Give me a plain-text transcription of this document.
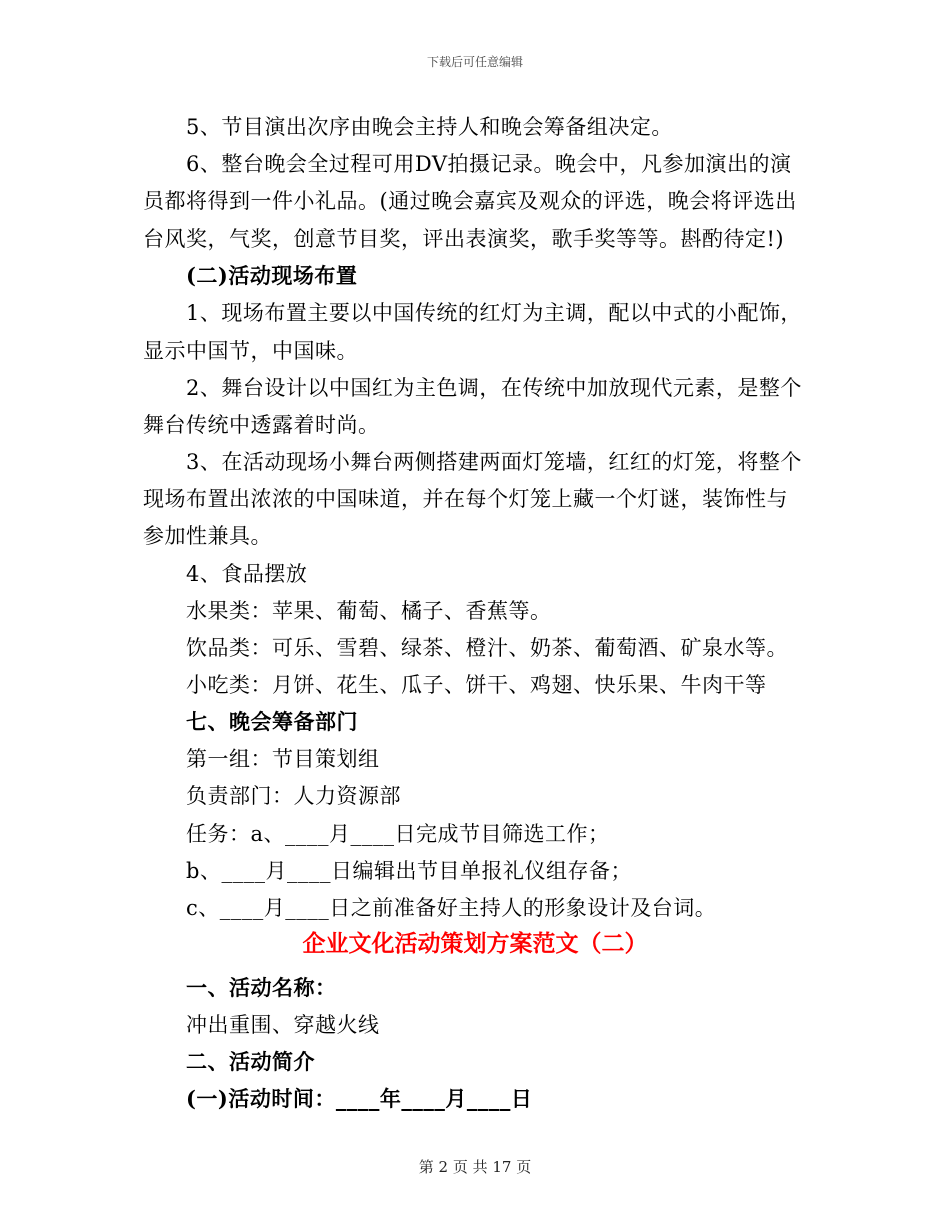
下载后可任意编辑
5、节目演出次序由晚会主持人和晚会筹备组决定。
6、整台晚会全过程可用DV拍摄记录。晚会中，凡参加演出的演
员都将得到一件小礼品。(通过晚会嘉宾及观众的评选，晚会将评选出
台风奖，气奖，创意节目奖，评出表演奖，歌手奖等等。斟酌待定!)
(二)活动现场布置
1、现场布置主要以中国传统的红灯为主调，配以中式的小配饰，
显示中国节，中国味。
2、舞台设计以中国红为主色调，在传统中加放现代元素，是整个
舞台传统中透露着时尚。
3、在活动现场小舞台两侧搭建两面灯笼墙，红红的灯笼，将整个
现场布置出浓浓的中国味道，并在每个灯笼上藏一个灯谜，装饰性与
参加性兼具。
4、食品摆放
水果类：苹果、葡萄、橘子、香蕉等。
饮品类：可乐、雪碧、绿茶、橙汁、奶茶、葡萄酒、矿泉水等。
小吃类：月饼、花生、瓜子、饼干、鸡翅、快乐果、牛肉干等
七、晚会筹备部门
第一组：节目策划组
负责部门：人力资源部
任务：a、____月____日完成节目筛选工作；
b、____月____日编辑出节目单报礼仪组存备；
c、____月____日之前准备好主持人的形象设计及台词。
企业文化活动策划方案范文（二）
一、活动名称：
冲出重围、穿越火线
二、活动简介
(一)活动时间：____年____月____日
第 2 页 共 17 页
